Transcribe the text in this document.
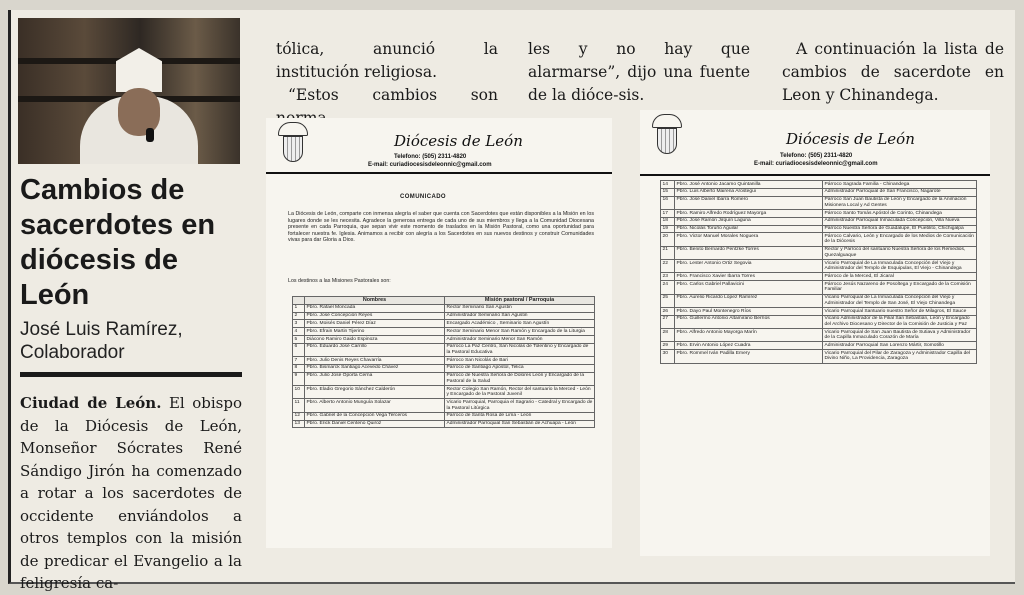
Cambios de sacerdotes en diócesis de León
José Luis Ramírez, Colaborador
Ciudad de León. El obispo de la Diócesis de León, Monseñor Sócrates René Sándigo Jirón ha comenzado a rotar a los sacerdotes de occidente enviándolos a otros templos con la misión de predicar el Evangelio a la feligresía ca-
tólica, anunció la institución religiosa.
“Estos cambios son
les y no hay que alarmarse”, dijo una fuente de la dióce-sis.
A continuación la lista de cambios de sacerdote en Leon y Chinandega.
Diócesis de León
Telefono: (505) 2311-4820
E-mail: curiadiocesisdeleonnic@gmail.com
COMUNICADO
La Diócesis de León, comparte con inmensa alegría el saber que cuenta con Sacerdotes que están disponibles a la Misión en los lugares donde se les necesita. Agradece la generosa entrega de cada uno de sus miembros y llega a la Comunidad Diocesana presente en cada Parroquia, que sepan vivir este momento de traslados en la Misión Pastoral, como una oportunidad para fortalecer nuestra fe. Iglesia. Animamos a recibir con alegría a los Sacerdotes en sus nuevos destinos y construir Comunidades vivas para dar Gloria a Dios.
Los destinos a las Misiones Pastorales son:
	Nombres	Misión pastoral / Parroquia
1	Pbro. Rafael Moncada	Rector Seminario San Agustin
2	Pbro. José Concepción Reyes	Administrador Seminario San Agustin
3	Pbro. Moisés Daniel Pérez Díaz	Encargado Académico , Seminario San Agustín
4	Pbro. Efrain Martin Tijerino	Rector Seminario Menor San Ramón y Encargado de la Liturgia
5	Diácono Ramiro Gaido Espinoza	Administrador Seminario Menor San Ramón
6	Pbro. Eduardo José Carrillo	Párroco La Paz Centro, San Nicolás de Tolentino y Encargado de la Pastoral Educativa
7	Pbro. Julio Denis Reyes Chavarría	Párroco San Nicolás de Bari
8	Pbro. Bismarck Santiago Acevedo Chávez	Párroco de Santiago Apóstol, Telica
9	Pbro. Julio José Oporta Cerna	Párroco de Nuestra Señora de Dolores León y Encargado de la Pastoral de la Salud
10	Pbro. Eladio Gregorio Sánchez Calderón	Rector Colegio San Ramón, Rector del santuario la Merced - León y Encargado de la Pastoral Juvenil
11	Pbro. Alberto Antonio Munguía Solazar	Vicario Parroquial, Parroquia el Sagrario - Catedral y Encargado de la Pastoral Litúrgica
12	Pbro. Gabriel de la Concepción Vega Terceros	Párroco de Santa Rosa de Lima - León
13	Pbro. Erick Daniel Centeno Quiroz	Administrador Parroquial San Sebastián de Achuapa - León
Diócesis de León
Telefono: (505) 2311-4820
E-mail: curiadiocesisdeleonnic@gmail.com
14	Pbro. José Antonio Jacamo Quintanilla	Párroco Sagrada Familia - Chinandega
15	Pbro. Luis Alberto Mairena Arostegui	Administrador Parroquial de San Francisco, Nagarote
16	Pbro. José Daniel Ibarra Romero	Párroco San Juan Bautista de León y Encargado de la Animación Misionera Local y Ad Gentes
17	Pbro. Ramiro Alfredo Rodríguez Mayorga	Párroco Santo Tomás Apóstol de Corinto, Chinandega
18	Pbro. José Ramón Jirquín Laguna	Administrador Parroquial Inmaculada Concepción, Villa Nueva
19	Pbro. Nicolás Toruño Aguilar	Párroco Nuestra Señora de Guadalupe, El Pueblito, Chichigalpa
20	Pbro. Victor Manuel Morales Noguera	Párroco Calvario, León y Encargado de los Medios de Comunicación de la Diócesis
21	Pbro. Benito Bernardo Pentzke Torres	Rector y Párroco del santuario Nuestra Señora de los Remedios, Quezalguaque
22	Pbro. Lester Antonio Ortiz Segovia	Vicario Parroquial de La Inmaculada Concepción del Viejo y Administrador del Templo de Esquipulas, El Viejo - Chinandega
23	Pbro. Francisco Xavier Ibarra Torres	Párroco de la Merced, El Jicaral
24	Pbro. Carlos Gabriel Pallavicini	Párroco Jesús Nazareno de Posoltega y Encargado de la Comisión Familiar
25	Pbro. Aurelio Ricardo López Ramírez	Vicario Parroquial de La Inmaculada Concepción del Viejo y Administrador del Templo de San José, El Viejo Chinandega
26	Pbro. Dayo Paul Montenegro Ríos	Vicario Parroquial Santuario nuestro Señor de Milagros, El Sauce
27	Pbro. Guillermo Antonio Altamirano Berríos	Vicario Administrador de la Filial San Sebastián, León y Encargado del Archivo Diocesano y Director de la Comisión de Justicia y Paz
28	Pbro. Alfredo Antonio Mayorga Marín	Vicario Parroquial de San Juan Bautista de Sutiava y Administrador de la Capilla Inmaculado Corazón de María
29	Pbro. Ervin Antonio López Cuadra	Administrador Parroquial San Lorenzo Mártir, Somotillo
30	Pbro. Rommel Iván Padilla Emery	Vicario Parroquial del Pilar de Zaragoza y Administrador Capilla del Divino Niño, La Providencia, Zaragoza
